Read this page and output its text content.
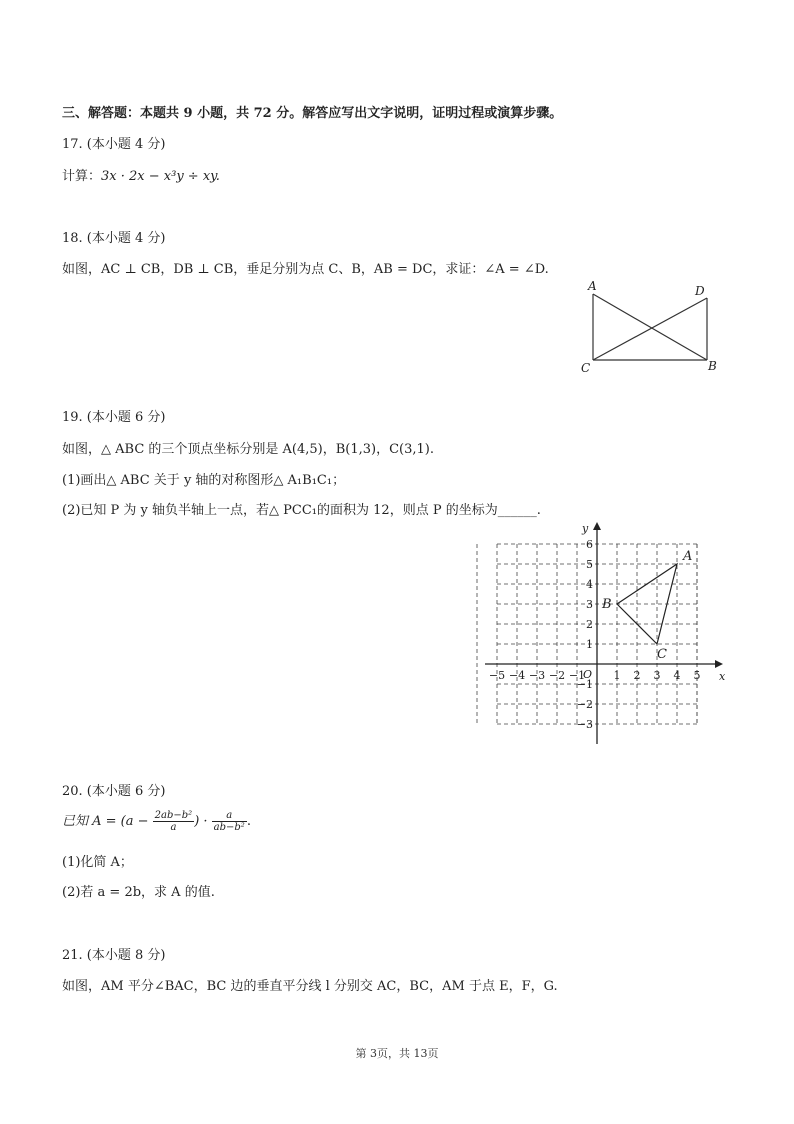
三、解答题：本题共 9 小题，共 72 分。解答应写出文字说明，证明过程或演算步骤。
17. (本小题 4 分)
计算：3x · 2x − x³y ÷ xy.
18. (本小题 4 分)
如图，AC ⊥ CB，DB ⊥ CB，垂足分别为点 C、B，AB = DC，求证：∠A = ∠D.
A	D
C	B
19. (本小题 6 分)
如图，△ ABC 的三个顶点坐标分别是 A(4,5)，B(1,3)，C(3,1).
(1)画出△ ABC 关于 y 轴的对称图形△ A₁B₁C₁；
(2)已知 P 为 y 轴负半轴上一点，若△ PCC₁的面积为 12，则点 P 的坐标为______.
−5 −4 −3 −2 −1	1 2 3 4 5
6
5
4
3
2
1
−1
−2
−3
A
B
C
x
y
O
20. (本小题 6 分)
已知 $A = (a - \frac{\text{2ab−b²}}{a}$ ) · $\frac{a}{\text{ab−b²}}$ .
(1)化简 A；
(2)若 a = 2b，求 A 的值.
21. (本小题 8 分)
如图，AM 平分∠BAC，BC 边的垂直平分线 l 分别交 AC，BC，AM 于点 E，F，G.
第 3页，共 13页
